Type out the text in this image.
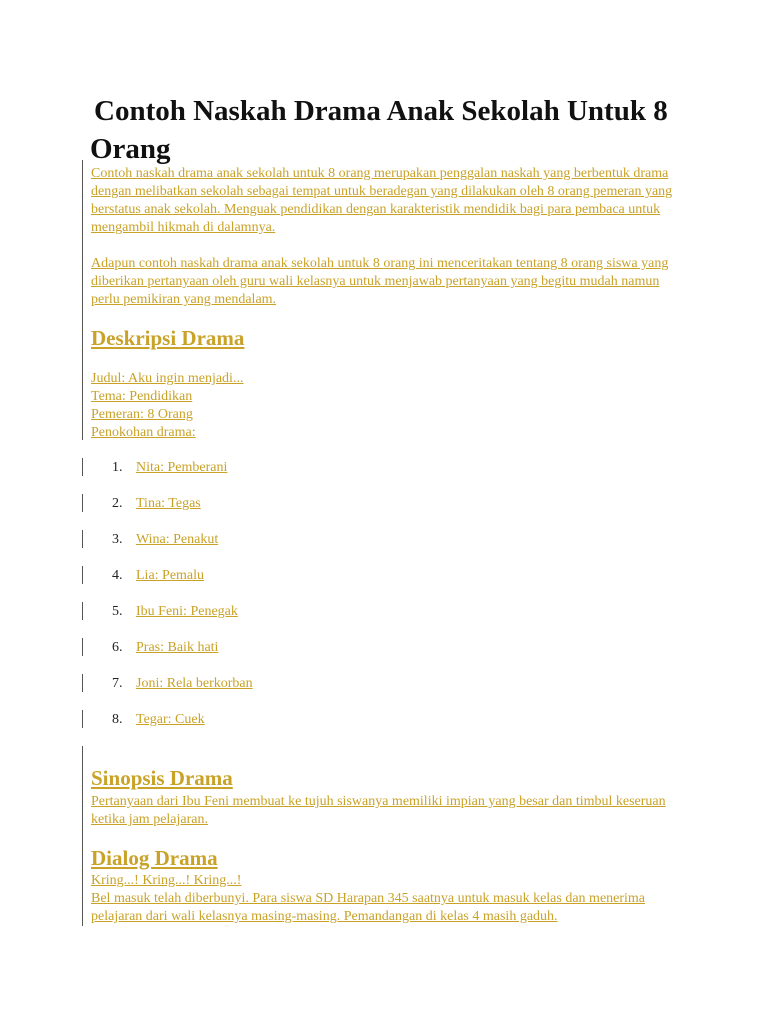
Contoh Naskah Drama Anak Sekolah Untuk 8 Orang

Contoh naskah drama anak sekolah untuk 8 orang merupakan penggalan naskah yang berbentuk drama dengan melibatkan sekolah sebagai tempat untuk beradegan yang dilakukan oleh 8 orang pemeran yang berstatus anak sekolah. Menguak pendidikan dengan karakteristik mendidik bagi para pembaca untuk mengambil hikmah di dalamnya.

Adapun contoh naskah drama anak sekolah untuk 8 orang ini menceritakan tentang 8 orang siswa yang diberikan pertanyaan oleh guru wali kelasnya untuk menjawab pertanyaan yang begitu mudah namun perlu pemikiran yang mendalam.

Deskripsi Drama
Judul: Aku ingin menjadi...
Tema: Pendidikan
Pemeran: 8 Orang
Penokohan drama:
1. Nita: Pemberani
2. Tina: Tegas
3. Wina: Penakut
4. Lia: Pemalu
5. Ibu Feni: Penegak
6. Pras: Baik hati
7. Joni: Rela berkorban
8. Tegar: Cuek
Sinopsis Drama

Pertanyaan dari Ibu Feni membuat ke tujuh siswanya memiliki impian yang besar dan timbul keseruan ketika jam pelajaran.

Dialog Drama
Kring...! Kring...! Kring...!
Bel masuk telah diberbunyi. Para siswa SD Harapan 345 saatnya untuk masuk kelas dan menerima pelajaran dari wali kelasnya masing-masing. Pemandangan di kelas 4 masih gaduh.
